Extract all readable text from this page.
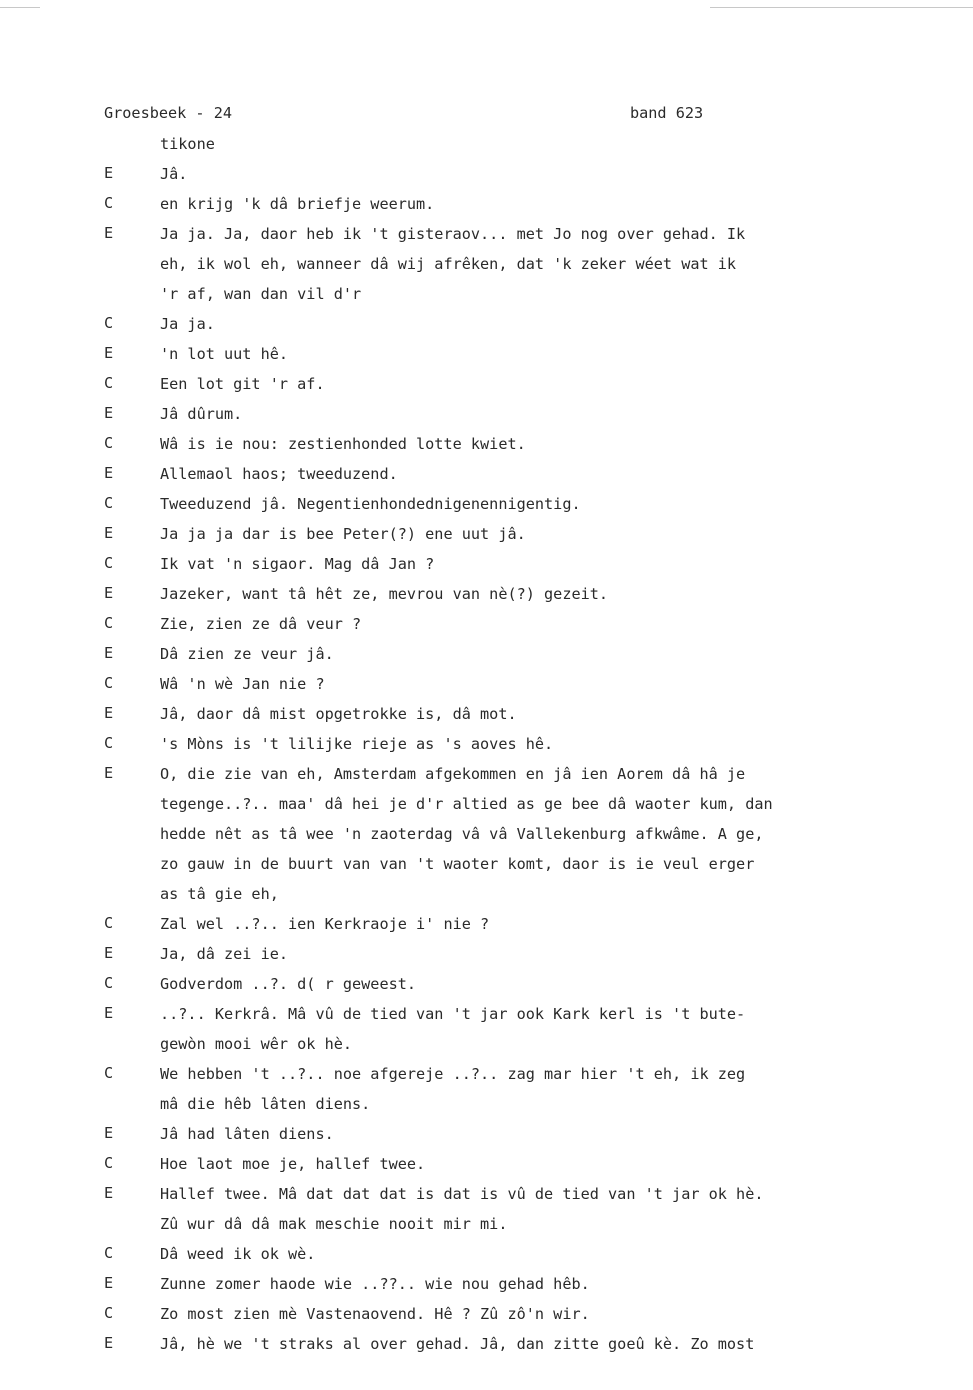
Groesbeek - 24	band 623
tikone
E	Jâ.
C	en krijg 'k dâ briefje weerum.
E	Ja ja. Ja, daor heb ik 't gisteraov... met Jo nog over gehad. Ik
eh, ik wol eh, wanneer dâ wij afrêken, dat 'k zeker wéet wat ik
'r af, wan dan vil d'r
C	Ja ja.
E	'n lot uut hê.
C	Een lot git 'r af.
E	Jâ dûrum.
C	Wâ is ie nou: zestienhonded lotte kwiet.
E	Allemaol haos; tweeduzend.
C	Tweeduzend jâ. Negentienhondednigenennigentig.
E	Ja ja ja dar is bee Peter(?) ene uut jâ.
C	Ik vat 'n sigaor. Mag dâ Jan ?
E	Jazeker, want tâ hêt ze, mevrou van nè(?) gezeit.
C	Zie, zien ze dâ veur ?
E	Dâ zien ze veur jâ.
C	Wâ 'n wè Jan nie ?
E	Jâ, daor dâ mist opgetrokke is, dâ mot.
C	's Mòns is 't lilijke rieje as 's aoves hê.
E	O, die zie van eh, Amsterdam afgekommen en jâ ien Aorem dâ hâ je
tegenge..?.. maa' dâ hei je d'r altied as ge bee dâ waoter kum, dan
hedde nêt as tâ wee 'n zaoterdag vâ vâ Vallekenburg afkwâme. A ge,
zo gauw in de buurt van van 't waoter komt, daor is ie veul erger
as tâ gie eh,
C	Zal wel ..?.. ien Kerkraoje i' nie ?
E	Ja, dâ zei ie.
C	Godverdom ..?. d( r geweest.
E	..?.. Kerkrâ. Mâ vû de tied van 't jar ook Kark kerl is 't bute-
gewòn mooi wêr ok hè.
C	We hebben 't ..?.. noe afgereje ..?.. zag mar hier 't eh, ik zeg
mâ die hêb lâten diens.
E	Jâ had lâten diens.
C	Hoe laot moe je, hallef twee.
E	Hallef twee. Mâ dat dat dat is dat is vû de tied van 't jar ok hè.
Zû wur dâ dâ mak meschie nooit mir mi.
C	Dâ weed ik ok wè.
E	Zunne zomer haode wie ..??.. wie nou gehad hêb.
C	Zo most zien mè Vastenaovend. Hê ? Zû zô'n wir.
E	Jâ, hè we 't straks al over gehad. Jâ, dan zitte goeû kè. Zo most
